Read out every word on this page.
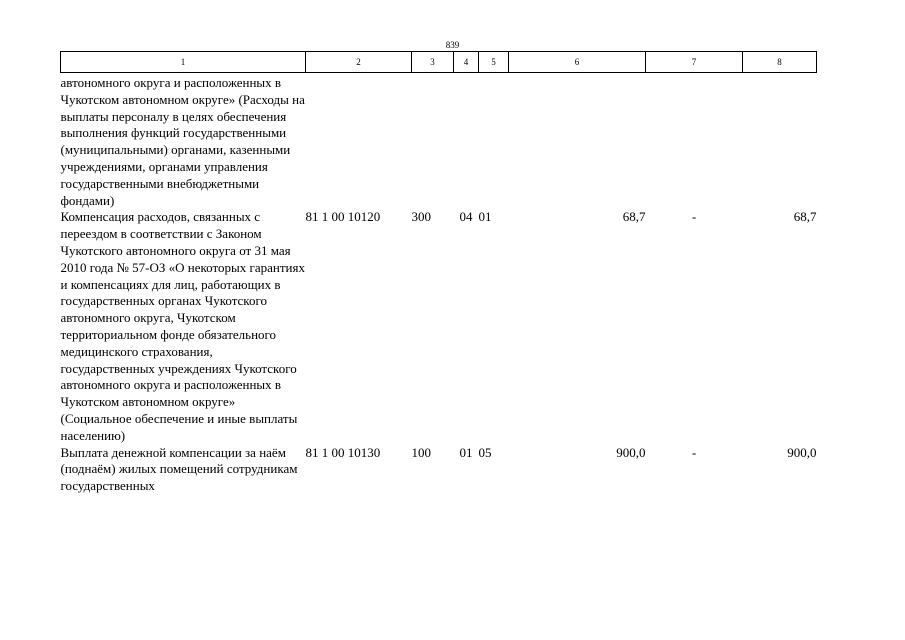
839
1	2	3	4	5	6	7	8
автономного округа и расположенных в Чукотском автономном округе» (Расходы на выплаты персоналу в целях обеспечения выполнения функций государственными (муниципальными) органами, казенными учреждениями, органами управления государственными внебюджетными фондами)							
Компенсация расходов, связанных с переездом в соответствии с Законом Чукотского автономного округа от 31 мая 2010 года № 57-ОЗ «О некоторых гарантиях и компенсациях для лиц, работающих в государственных органах Чукотского автономного округа, Чукотском территориальном фонде обязательного медицинского страхования, государственных учреждениях Чукотского автономного округа и расположенных в Чукотском автономном округе» (Социальное обеспечение и иные выплаты населению)	81 1 00 10120	300	04	01	68,7	-	68,7
Выплата денежной компенсации за наём (поднаём) жилых помещений сотрудникам государственных	81 1 00 10130	100	01	05	900,0	-	900,0
